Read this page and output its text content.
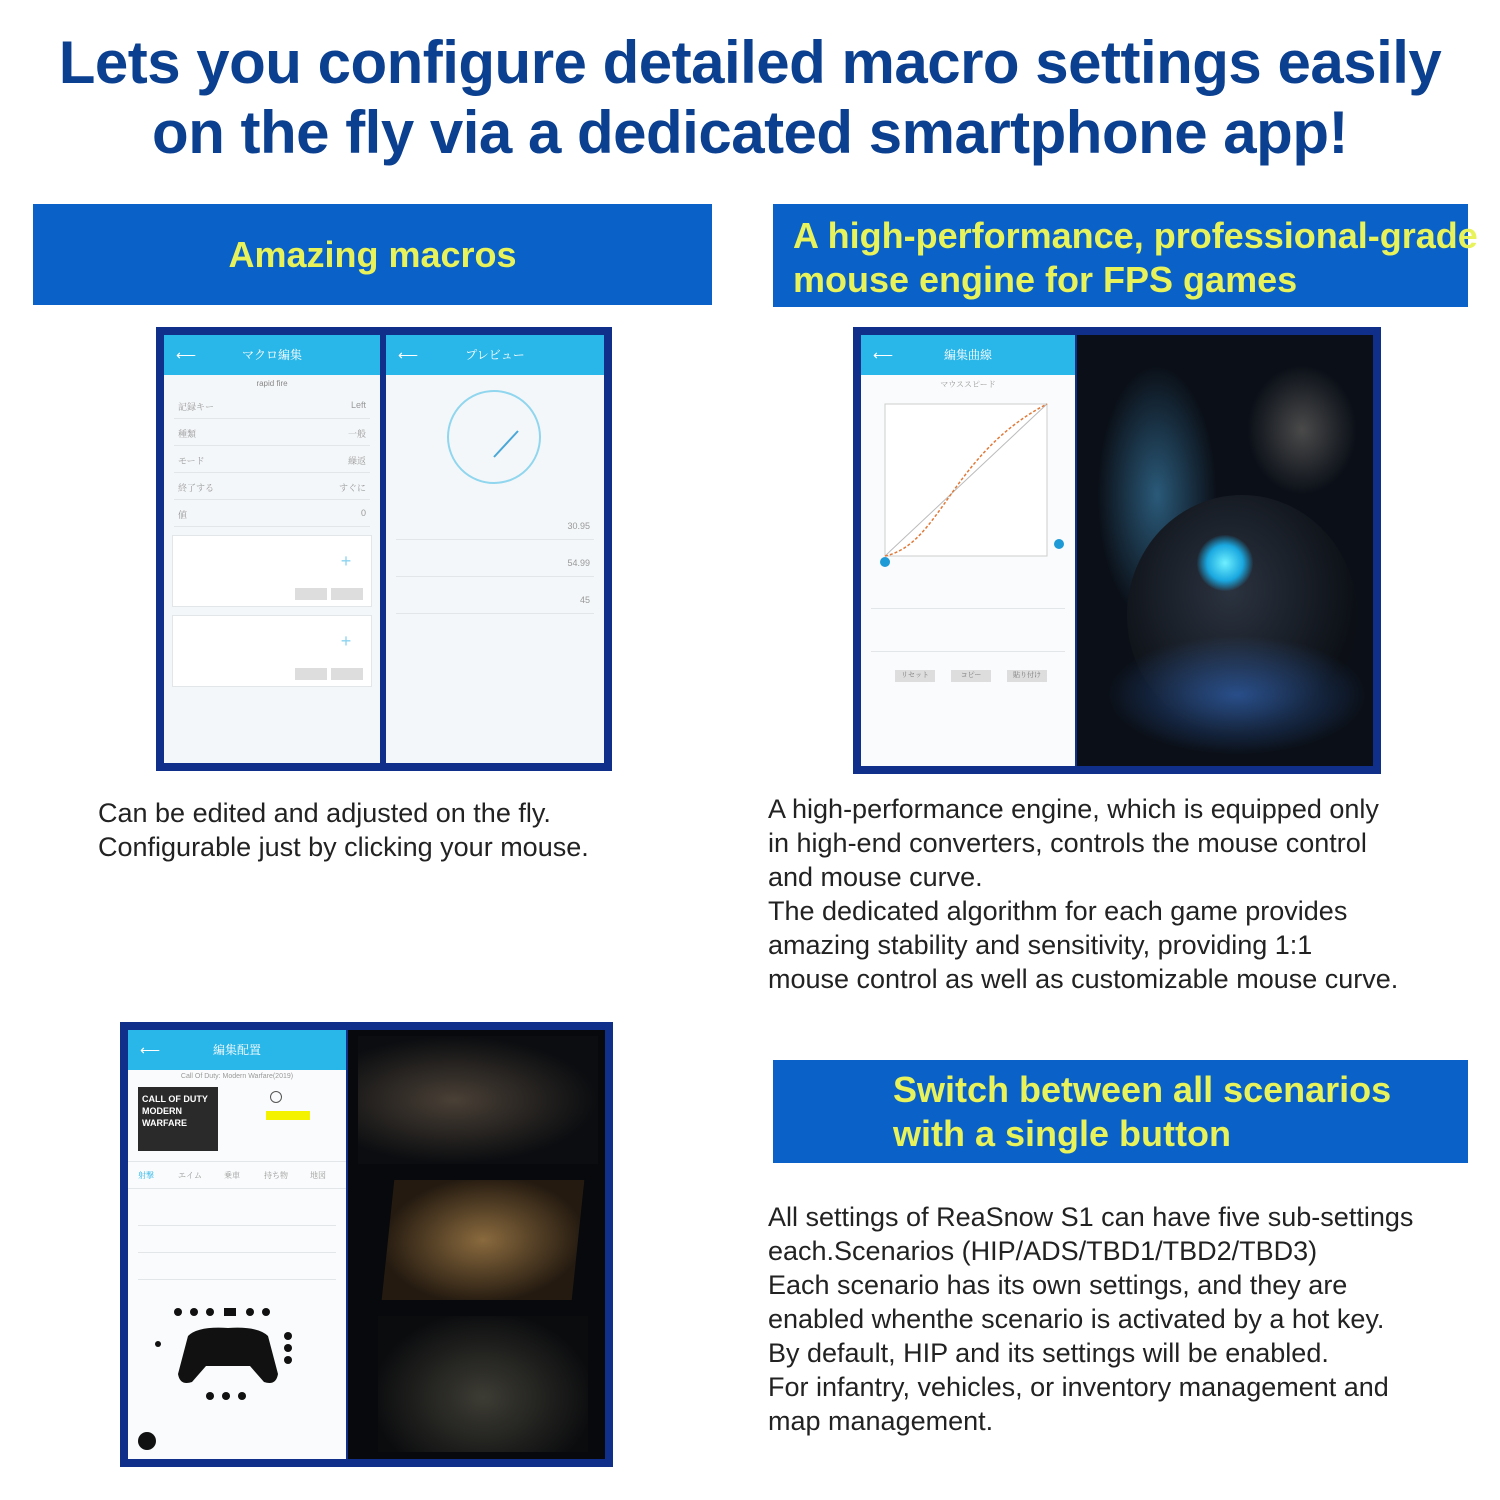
Lets you configure detailed macro settings easily
on the fly via a dedicated smartphone app!
Amazing macros
⟵	マクロ編集
rapid fire
記録キー	Left
種類	一般
モード	繰返
終了する	すぐに
値	0
+
+
⟵	プレビュー
30.95
54.99
45
Can be edited and adjusted on the fly.
Configurable just by clicking your mouse.
A high-performance, professional-grade
mouse engine for FPS games
⟵	編集曲線
マウススピード
リセット	コピー	貼り付け
A high-performance engine, which is equipped only
in high-end converters, controls the mouse control
and mouse curve.
The dedicated algorithm for each game provides
amazing stability and sensitivity, providing 1:1
mouse control as well as customizable mouse curve.
⟵	編集配置
Call Of Duty: Modern Warfare(2019)
CALL OF DUTY MODERN WARFARE
射撃	エイム	乗車	持ち物	地図
Switch between all scenarios
with a single button
All settings of ReaSnow S1 can have five sub-settings
each.Scenarios (HIP/ADS/TBD1/TBD2/TBD3)
Each scenario has its own settings, and they are
enabled whenthe scenario is activated by a hot key.
By default, HIP and its settings will be enabled.
For infantry, vehicles, or inventory management and
map management.
